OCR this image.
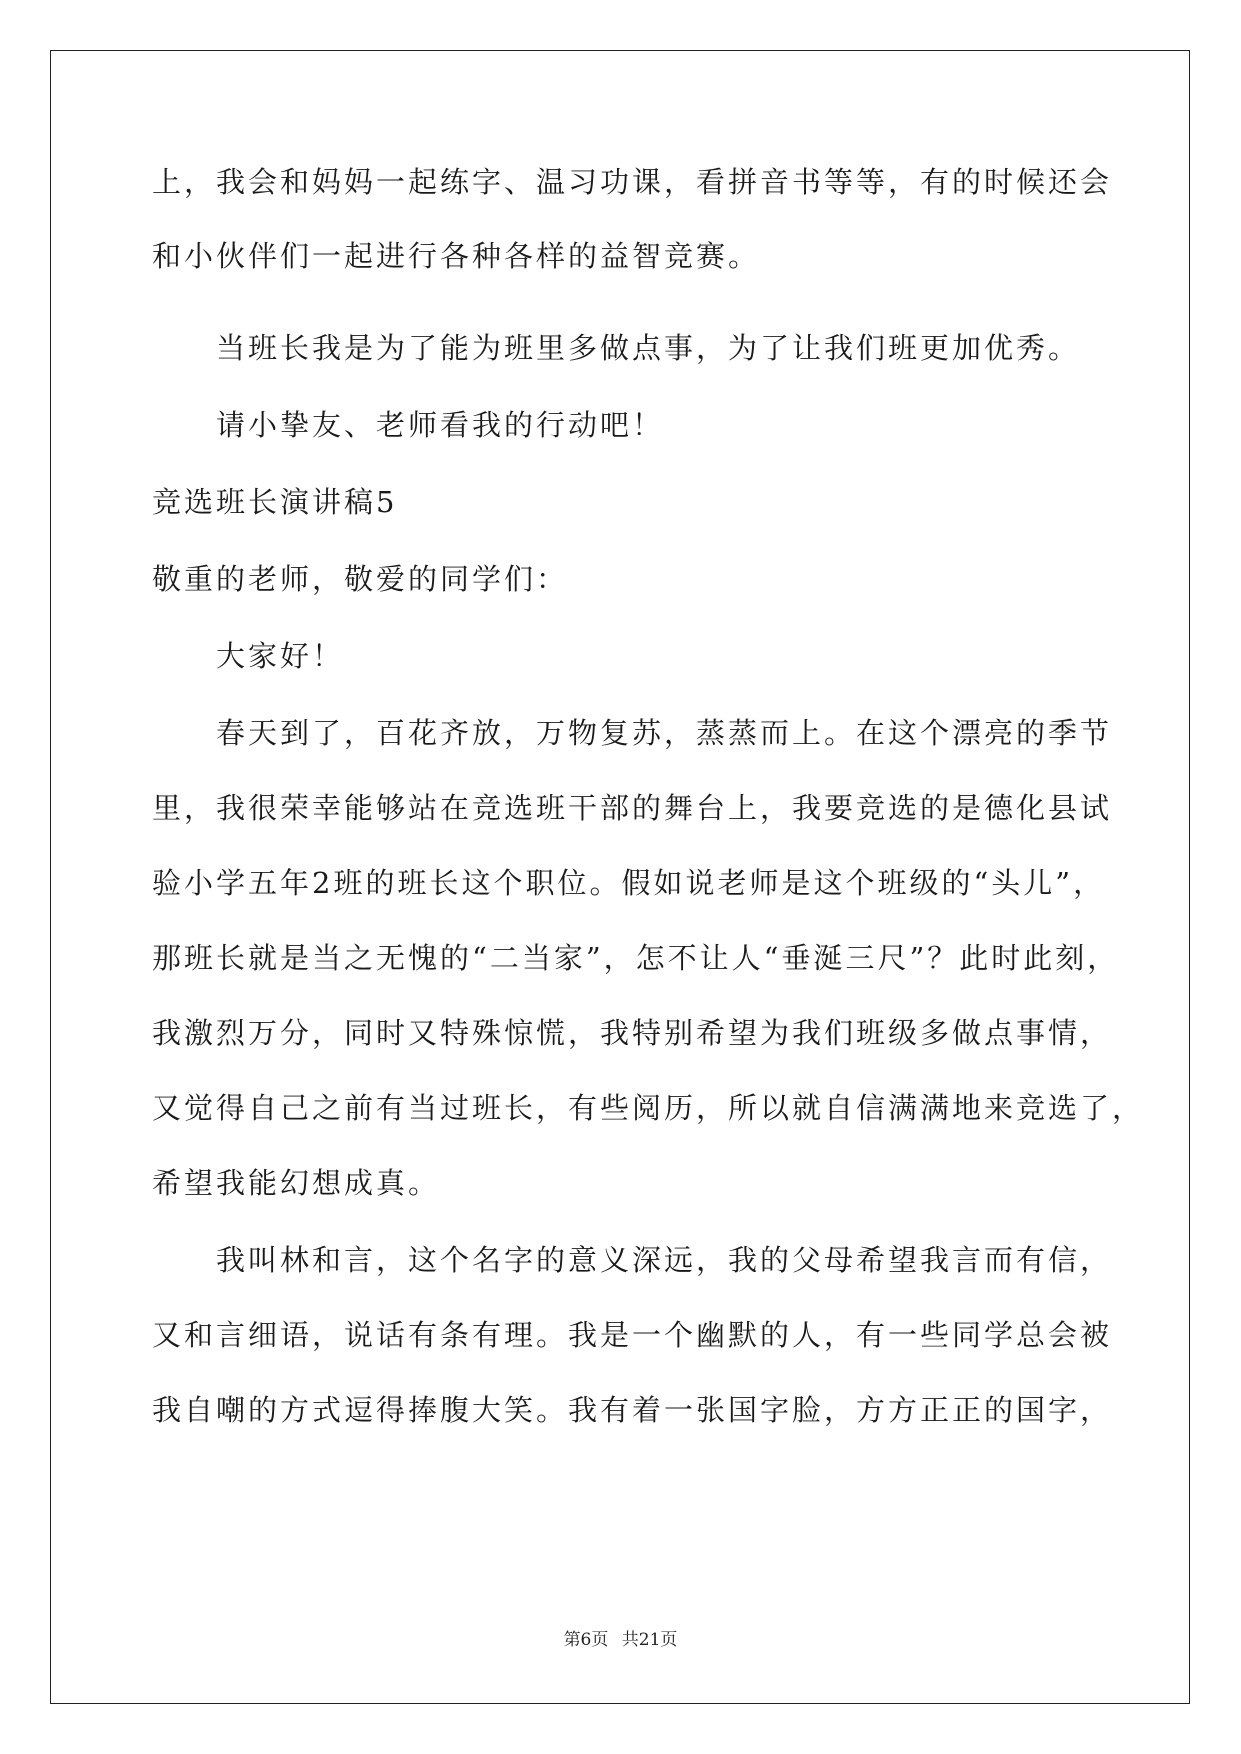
上，我会和妈妈一起练字、温习功课，看拼音书等等，有的时候还会
和小伙伴们一起进行各种各样的益智竞赛。
当班长我是为了能为班里多做点事，为了让我们班更加优秀。
请小挚友、老师看我的行动吧！
竞选班长演讲稿5
敬重的老师，敬爱的同学们：
大家好！
春天到了，百花齐放，万物复苏，蒸蒸而上。在这个漂亮的季节
里，我很荣幸能够站在竞选班干部的舞台上，我要竞选的是德化县试
验小学五年2班的班长这个职位。假如说老师是这个班级的“头儿”，
那班长就是当之无愧的“二当家”，怎不让人“垂涎三尺”？此时此刻，
我激烈万分，同时又特殊惊慌，我特别希望为我们班级多做点事情，
又觉得自己之前有当过班长，有些阅历，所以就自信满满地来竞选了，
希望我能幻想成真。
我叫林和言，这个名字的意义深远，我的父母希望我言而有信，
又和言细语，说话有条有理。我是一个幽默的人，有一些同学总会被
我自嘲的方式逗得捧腹大笑。我有着一张国字脸，方方正正的国字，
第6页 共21页
